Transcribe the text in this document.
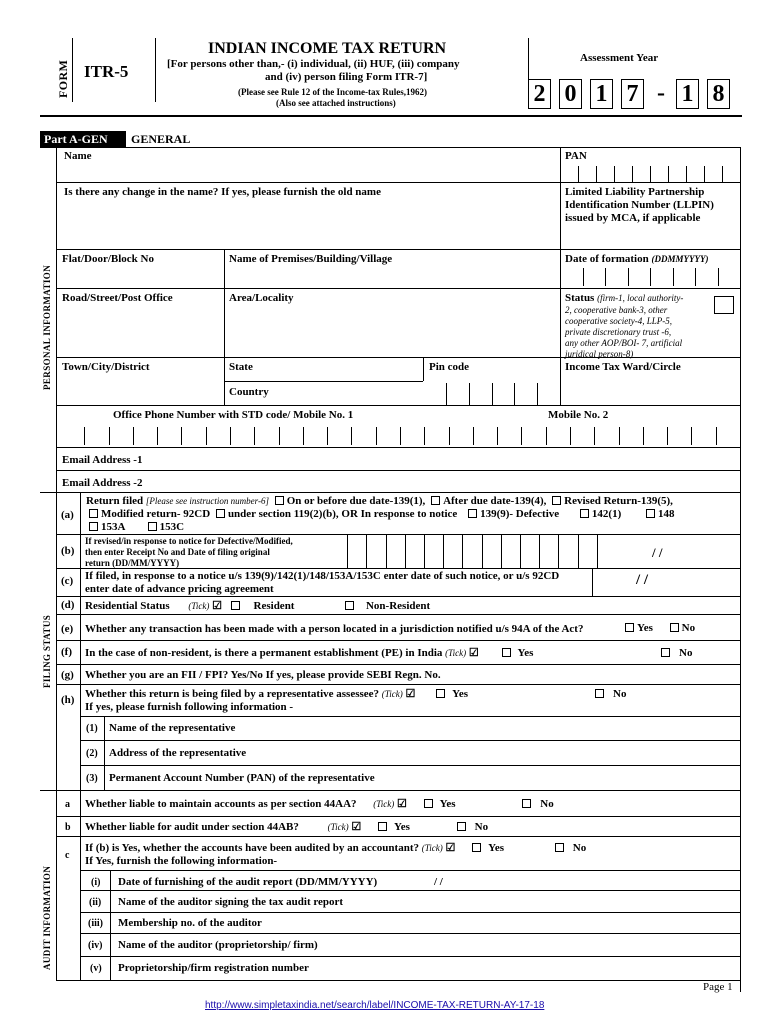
FORM ITR-5
INDIAN INCOME TAX RETURN
[For persons other than,- (i) individual, (ii) HUF, (iii) company
and (iv) person filing Form ITR-7]
(Please see Rule 12 of the Income-tax Rules,1962)
(Also see attached instructions)
Assessment Year
2 0 1 7 - 1 8
Part A-GEN GENERAL
Name	PAN
Is there any change in the name? If yes, please furnish the old name	Limited Liability Partnership
Identification Number (LLPIN)
issued by MCA, if applicable
Flat/Door/Block No	Name of Premises/Building/Village	Date of formation (DDMMYYYY)
Road/Street/Post Office	Area/Locality	Status (firm-1, local authority-
2, cooperative bank-3, other
cooperative society-4, LLP-5,
private discretionary trust -6,
any other AOP/BOI- 7, artificial
juridical person-8)
Town/City/District	State	Pin code	Income Tax Ward/Circle
Country
Office Phone Number with STD code/ Mobile No. 1	Mobile No. 2
Email Address -1
Email Address -2
PERSONAL INFORMATION
FILING STATUS
(a)
Return filed [Please see instruction number-6] On or before due date-139(1), After due date-139(4), Revised Return-139(5),
Modified return- 92CD under section 119(2)(b), OR In response to notice 139(9)- Defective	142(1)	148
153A	153C
(b)
If revised/in response to notice for Defective/Modified,
then enter Receipt No and Date of filing original
return (DD/MM/YYYY)
/ /
(c) If filed, in response to a notice u/s 139(9)/142(1)/148/153A/153C enter date of such notice, or u/s 92CD
enter date of advance pricing agreement
/ /
(d) Residential Status (Tick) ☑	Resident	Non-Resident
(e) Whether any transaction has been made with a person located in a jurisdiction notified u/s 94A of the Act?	Yes	No
(f) In the case of non-resident, is there a permanent establishment (PE) in India (Tick) ☑	Yes	No
(g) Whether you are an FII / FPI? Yes/No If yes, please provide SEBI Regn. No.
(h) Whether this return is being filed by a representative assessee? (Tick) ☑	Yes	No
If yes, please furnish following information -
(1) Name of the representative
(2) Address of the representative
(3) Permanent Account Number (PAN) of the representative
AUDIT INFORMATION
a Whether liable to maintain accounts as per section 44AA? (Tick) ☑	Yes	No
b Whether liable for audit under section 44AB?	(Tick) ☑	Yes	No
c
If (b) is Yes, whether the accounts have been audited by an accountant? (Tick) ☑	Yes	No
If Yes, furnish the following information-
(i) Date of furnishing of the audit report (DD/MM/YYYY)	/ /
(ii) Name of the auditor signing the tax audit report
(iii) Membership no. of the auditor
(iv) Name of the auditor (proprietorship/ firm)
(v) Proprietorship/firm registration number
Page 1
http://www.simpletaxindia.net/search/label/INCOME-TAX-RETURN-AY-17-18
